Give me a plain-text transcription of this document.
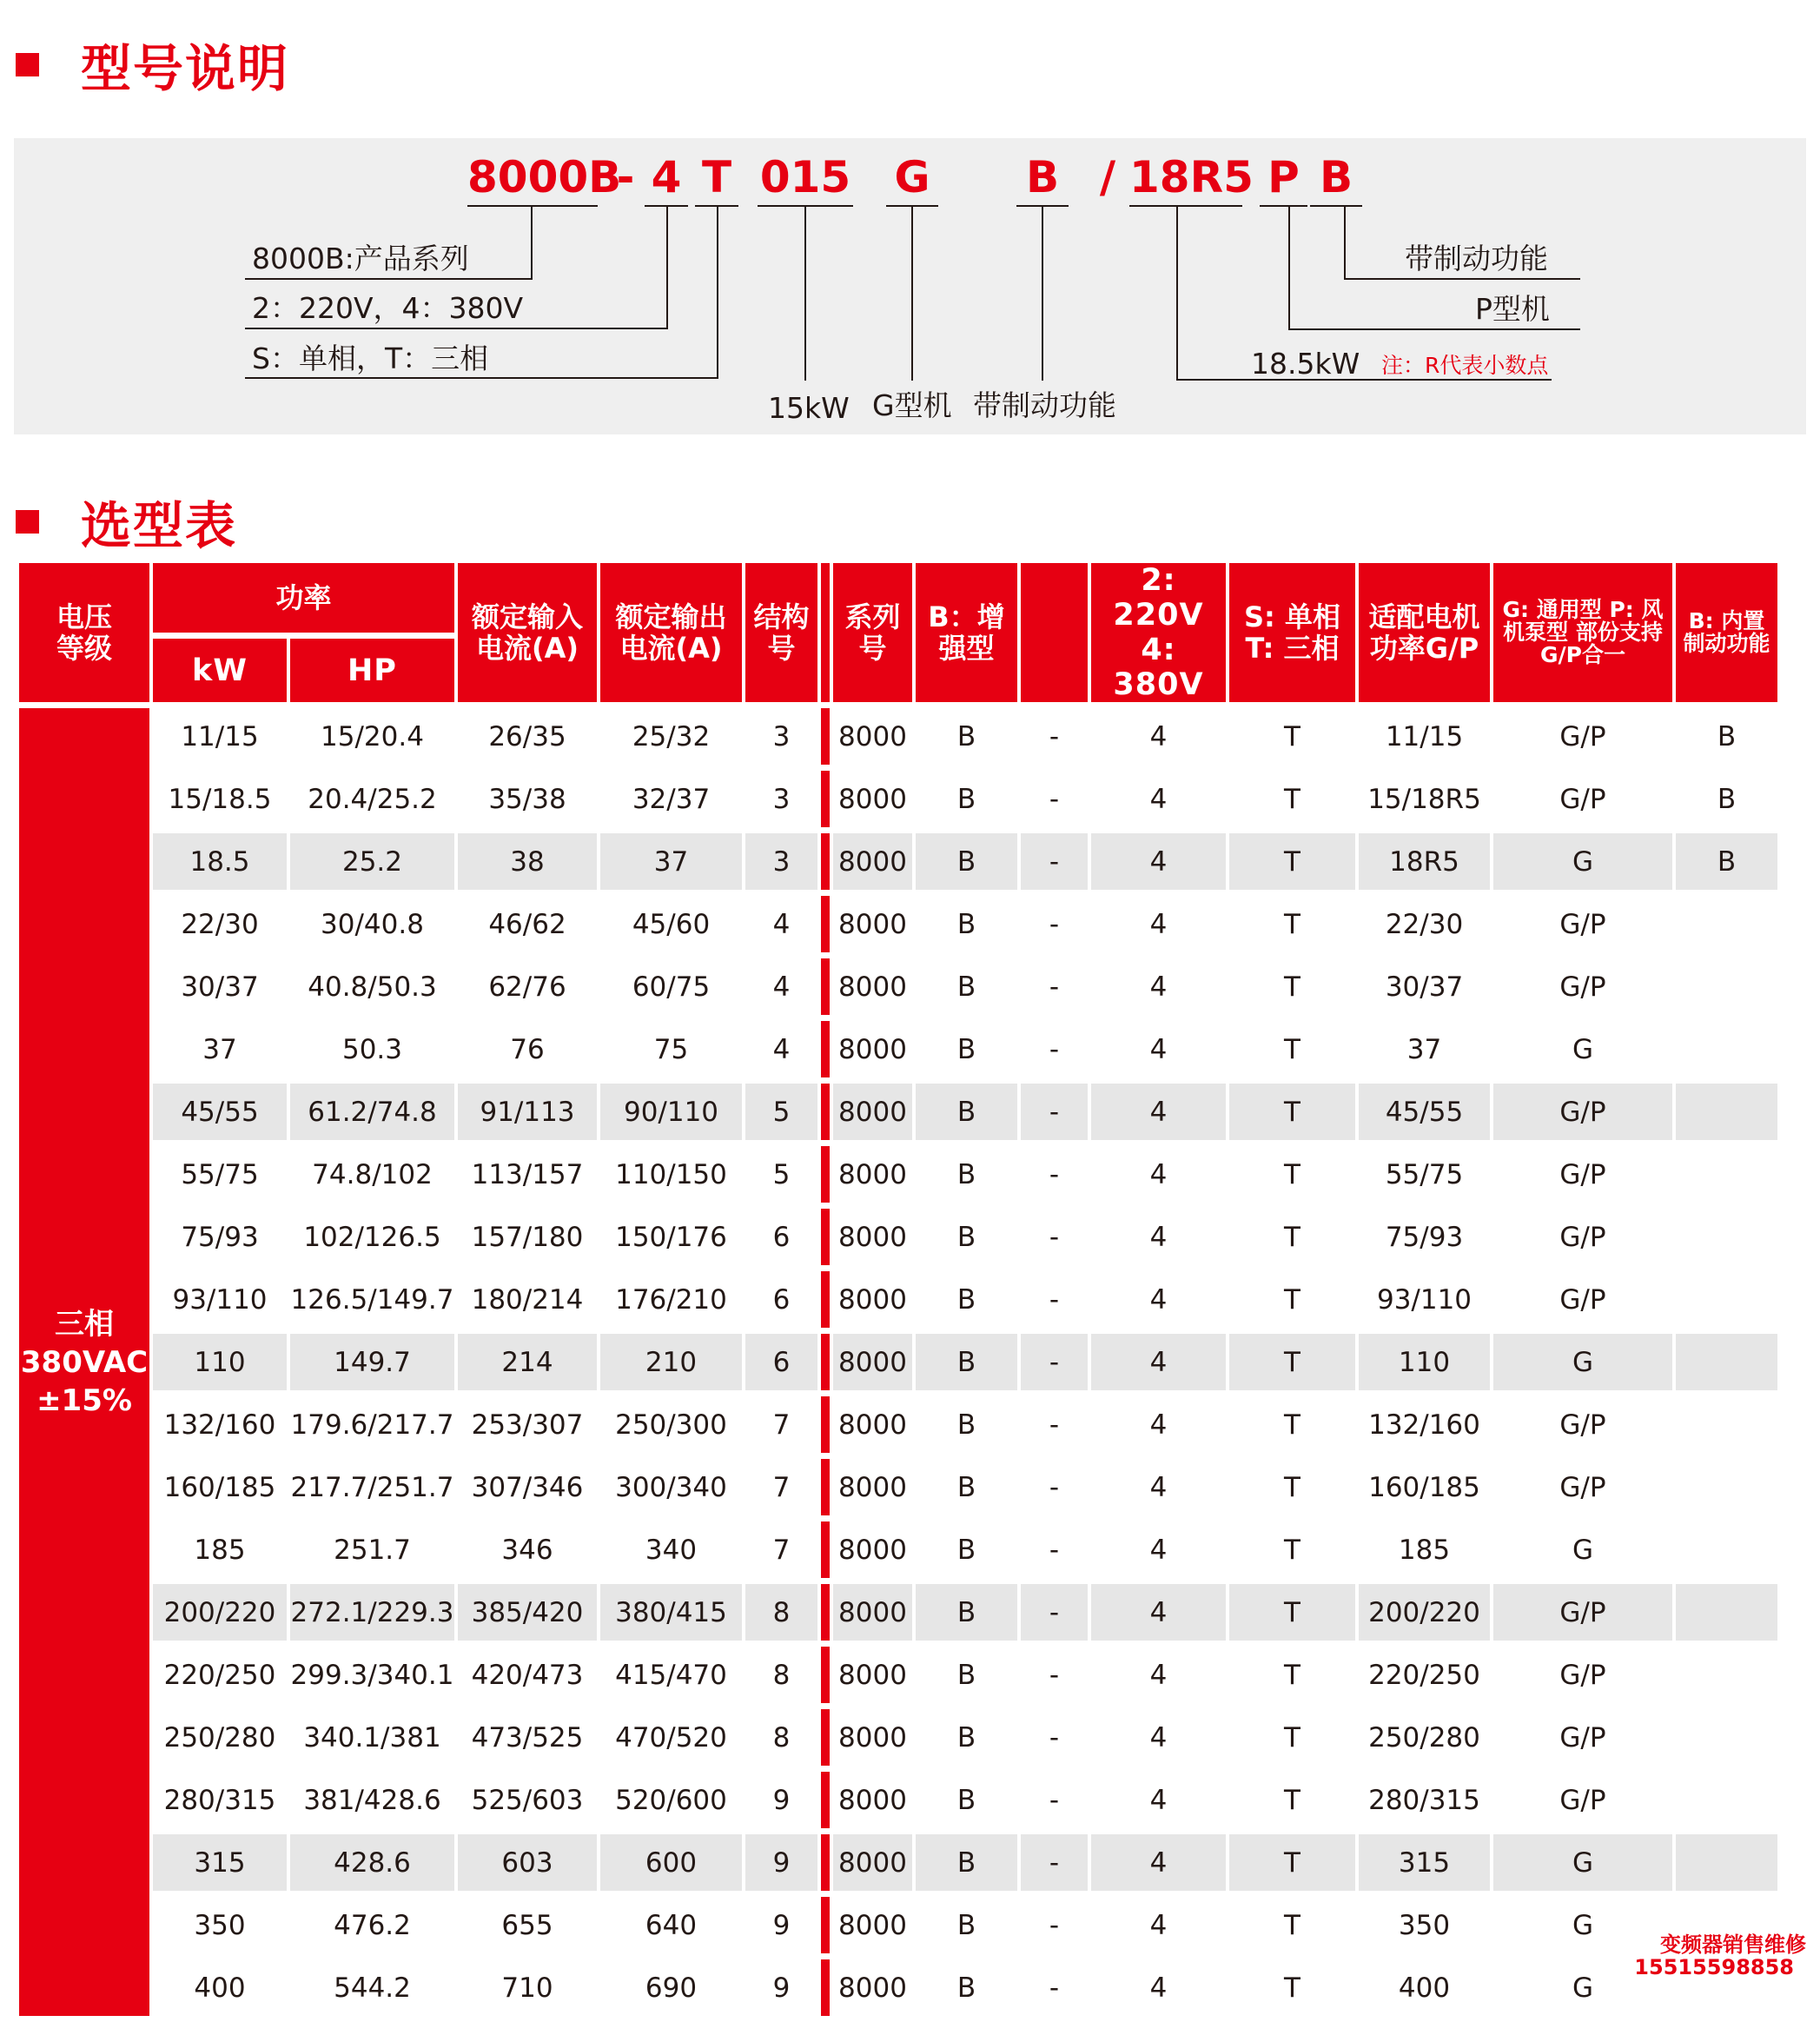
型号说明
8000B
- 4 T 015 G B / 18R5 P B
8000B:产品系列
2：220V，4：380V
S：单相，T：三相
15kW G型机 带制动功能
带制动功能
P型机
18.5kW 注：R代表小数点
选型表
电压等级	功率		额定输入电流(A)	额定输出电流(A)	结构号		系列号	B：增强型		2: 220V 4: 380V	S: 单相 T: 三相	适配电机功率G/P	G: 通用型 P: 风机泵型 部份支持G/P合一	B: 内置制动功能
	kW	HP												
三相 380VAC ±15%	11/15	15/20.4	26/35	25/32	3		8000	B	-	4	T	11/15	G/P	B
	15/18.5	20.4/25.2	35/38	32/37	3		8000	B	-	4	T	15/18R5	G/P	B
	18.5	25.2	38	37	3		8000	B	-	4	T	18R5	G	B
	22/30	30/40.8	46/62	45/60	4		8000	B	-	4	T	22/30	G/P	
	30/37	40.8/50.3	62/76	60/75	4		8000	B	-	4	T	30/37	G/P	
	37	50.3	76	75	4		8000	B	-	4	T	37	G	
	45/55	61.2/74.8	91/113	90/110	5		8000	B	-	4	T	45/55	G/P	
	55/75	74.8/102	113/157	110/150	5		8000	B	-	4	T	55/75	G/P	
	75/93	102/126.5	157/180	150/176	6		8000	B	-	4	T	75/93	G/P	
	93/110	126.5/149.7	180/214	176/210	6		8000	B	-	4	T	93/110	G/P	
	110	149.7	214	210	6		8000	B	-	4	T	110	G	
	132/160	179.6/217.7	253/307	250/300	7		8000	B	-	4	T	132/160	G/P	
	160/185	217.7/251.7	307/346	300/340	7		8000	B	-	4	T	160/185	G/P	
	185	251.7	346	340	7		8000	B	-	4	T	185	G	
	200/220	272.1/229.3	385/420	380/415	8		8000	B	-	4	T	200/220	G/P	
	220/250	299.3/340.1	420/473	415/470	8		8000	B	-	4	T	220/250	G/P	
	250/280	340.1/381	473/525	470/520	8		8000	B	-	4	T	250/280	G/P	
	280/315	381/428.6	525/603	520/600	9		8000	B	-	4	T	280/315	G/P	
	315	428.6	603	600	9		8000	B	-	4	T	315	G	
	350	476.2	655	640	9		8000	B	-	4	T	350	G	
	400	544.2	710	690	9		8000	B	-	4	T	400	G	
变频器销售维修
15515598858
